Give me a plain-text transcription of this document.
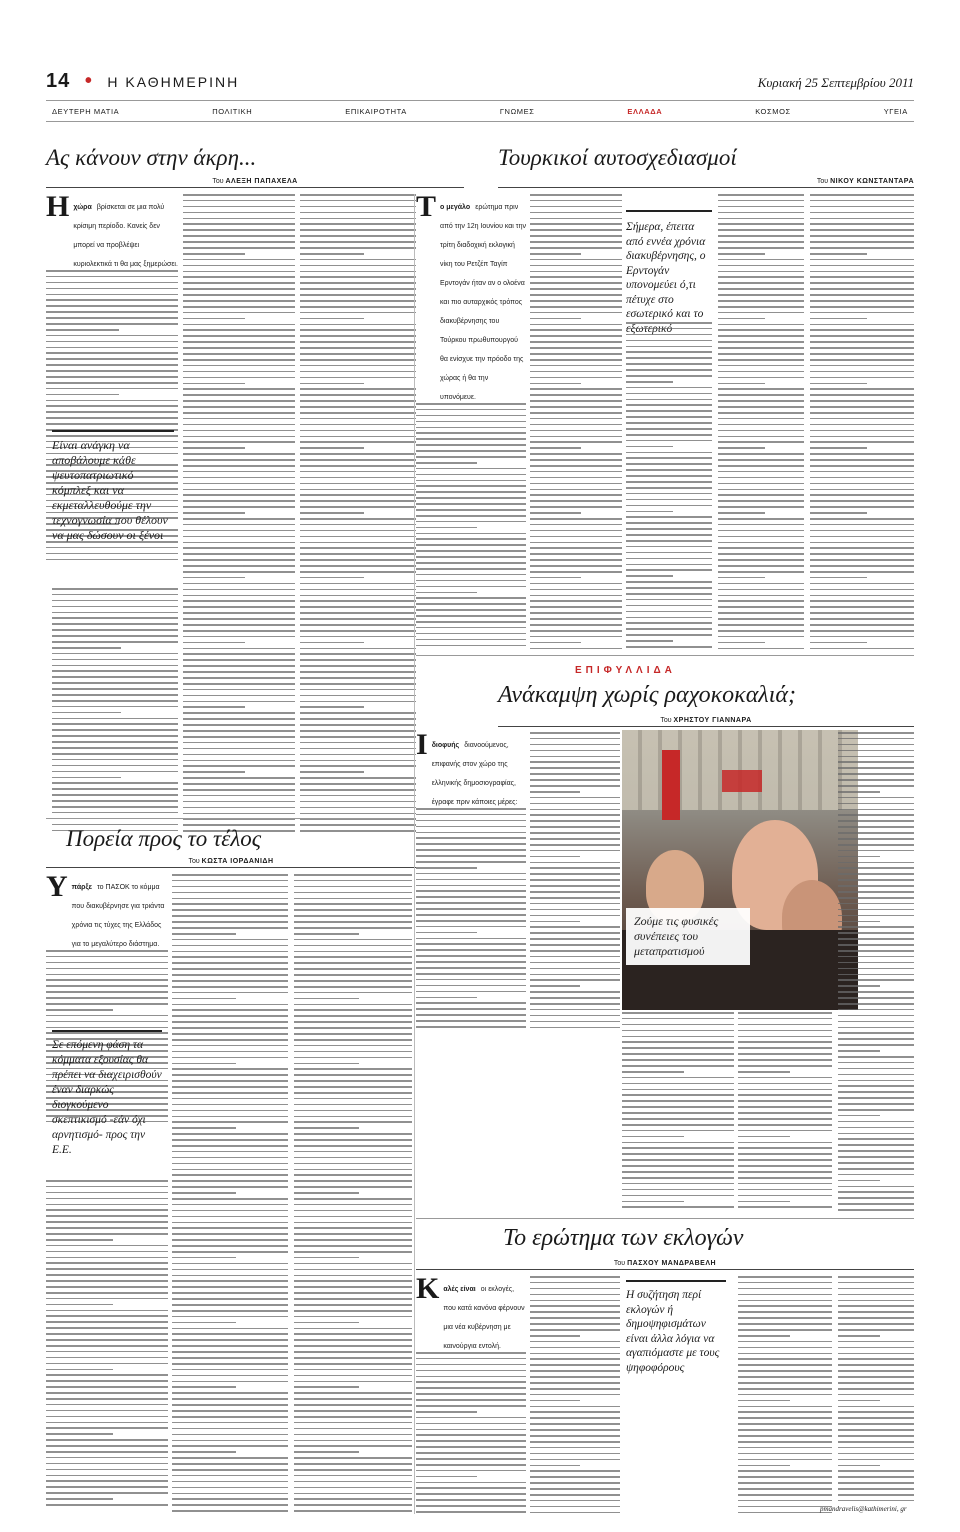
14 • Η ΚΑΘΗΜΕΡΙΝΗ	Κυριακή 25 Σεπτεμβρίου 2011
ΔΕΥΤΕΡΗ ΜΑΤΙΑ	ΠΟΛΙΤΙΚΗ	ΕΠΙΚΑΙΡΟΤΗΤΑ	ΓΝΩΜΕΣ	ΕΛΛΑΔΑ	ΚΟΣΜΟΣ	ΥΓΕΙΑ
Ας κάνουν στην άκρη...
Του ΑΛΕΞΗ ΠΑΠΑΧΕΛΑ
Η χώρα βρίσκεται σε μια πολύ κρίσιμη περίοδο. Κανείς δεν μπορεί να προβλέψει κυριολεκτικά τι θα μας ξημερώσει.
Είναι ανάγκη να αποβάλουμε κάθε ψευτοπατριωτικό κόμπλεξ και να εκμεταλλευθούμε την τεχνογνωσία που θέλουν να μας δώσουν οι ξένοι
Τουρκικοί αυτοσχεδιασμοί
Του ΝΙΚΟΥ ΚΩΝΣΤΑΝΤΑΡΑ
Τ ο μεγάλο ερώτημα πριν από την 12η Ιουνίου και την τρίτη διαδοχική εκλογική νίκη του Ρετζέπ Ταγίπ Ερντογάν ήταν αν ο ολοένα και πιο αυταρχικός τρόπος διακυβέρνησης του Τούρκου πρωθυπουργού θα ενίσχυε την πρόοδο της χώρας ή θα την υπονόμευε.
Σήμερα, έπειτα από εννέα χρόνια διακυβέρνησης, ο Ερντογάν υπονομεύει ό,τι πέτυχε στο εσωτερικό και το
ΕΠΙΦΥΛΛΙΔΑ
Ανάκαμψη χωρίς ραχοκοκαλιά;
Του ΧΡΗΣΤΟΥ ΓΙΑΝΝΑΡΑ
Ι διοφυής διανοούμενος, επιφανής στον χώρο της ελληνικής δημοσιογραφίας, έγραφε πριν κάποιες μέρες:
Ζούμε τις φυσικές συνέπειες του μεταπρατισμού
Πορεία προς το τέλος
Του ΚΩΣΤΑ ΙΟΡΔΑΝΙΔΗ
Υ πάρξε το ΠΑΣΟΚ το κόμμα που διακυβέρνησε για τριάντα χρόνια τις τύχες της Ελλάδος για το μεγαλύτερο διάστημα.
Σε επόμενη φάση τα κόμματα εξουσίας θα πρέπει να διαχειρισθούν έναν διαρκώς διογκούμενο σκεπτικισμό -εάν όχι αρνητισμό- προς την Ε.Ε.
Το ερώτημα των εκλογών
Του ΠΑΣΧΟΥ ΜΑΝΔΡΑΒΕΛΗ
Κ αλές είναι οι εκλογές, που κατά κανόνα φέρνουν μια νέα κυβέρνηση με καινούργια εντολή.
Η συζήτηση περί εκλογών ή δημοψηφισμάτων είναι άλλα λόγια να αγαπιόμαστε με τους ψηφοφόρους
pmandravelis@kathimerini, gr
